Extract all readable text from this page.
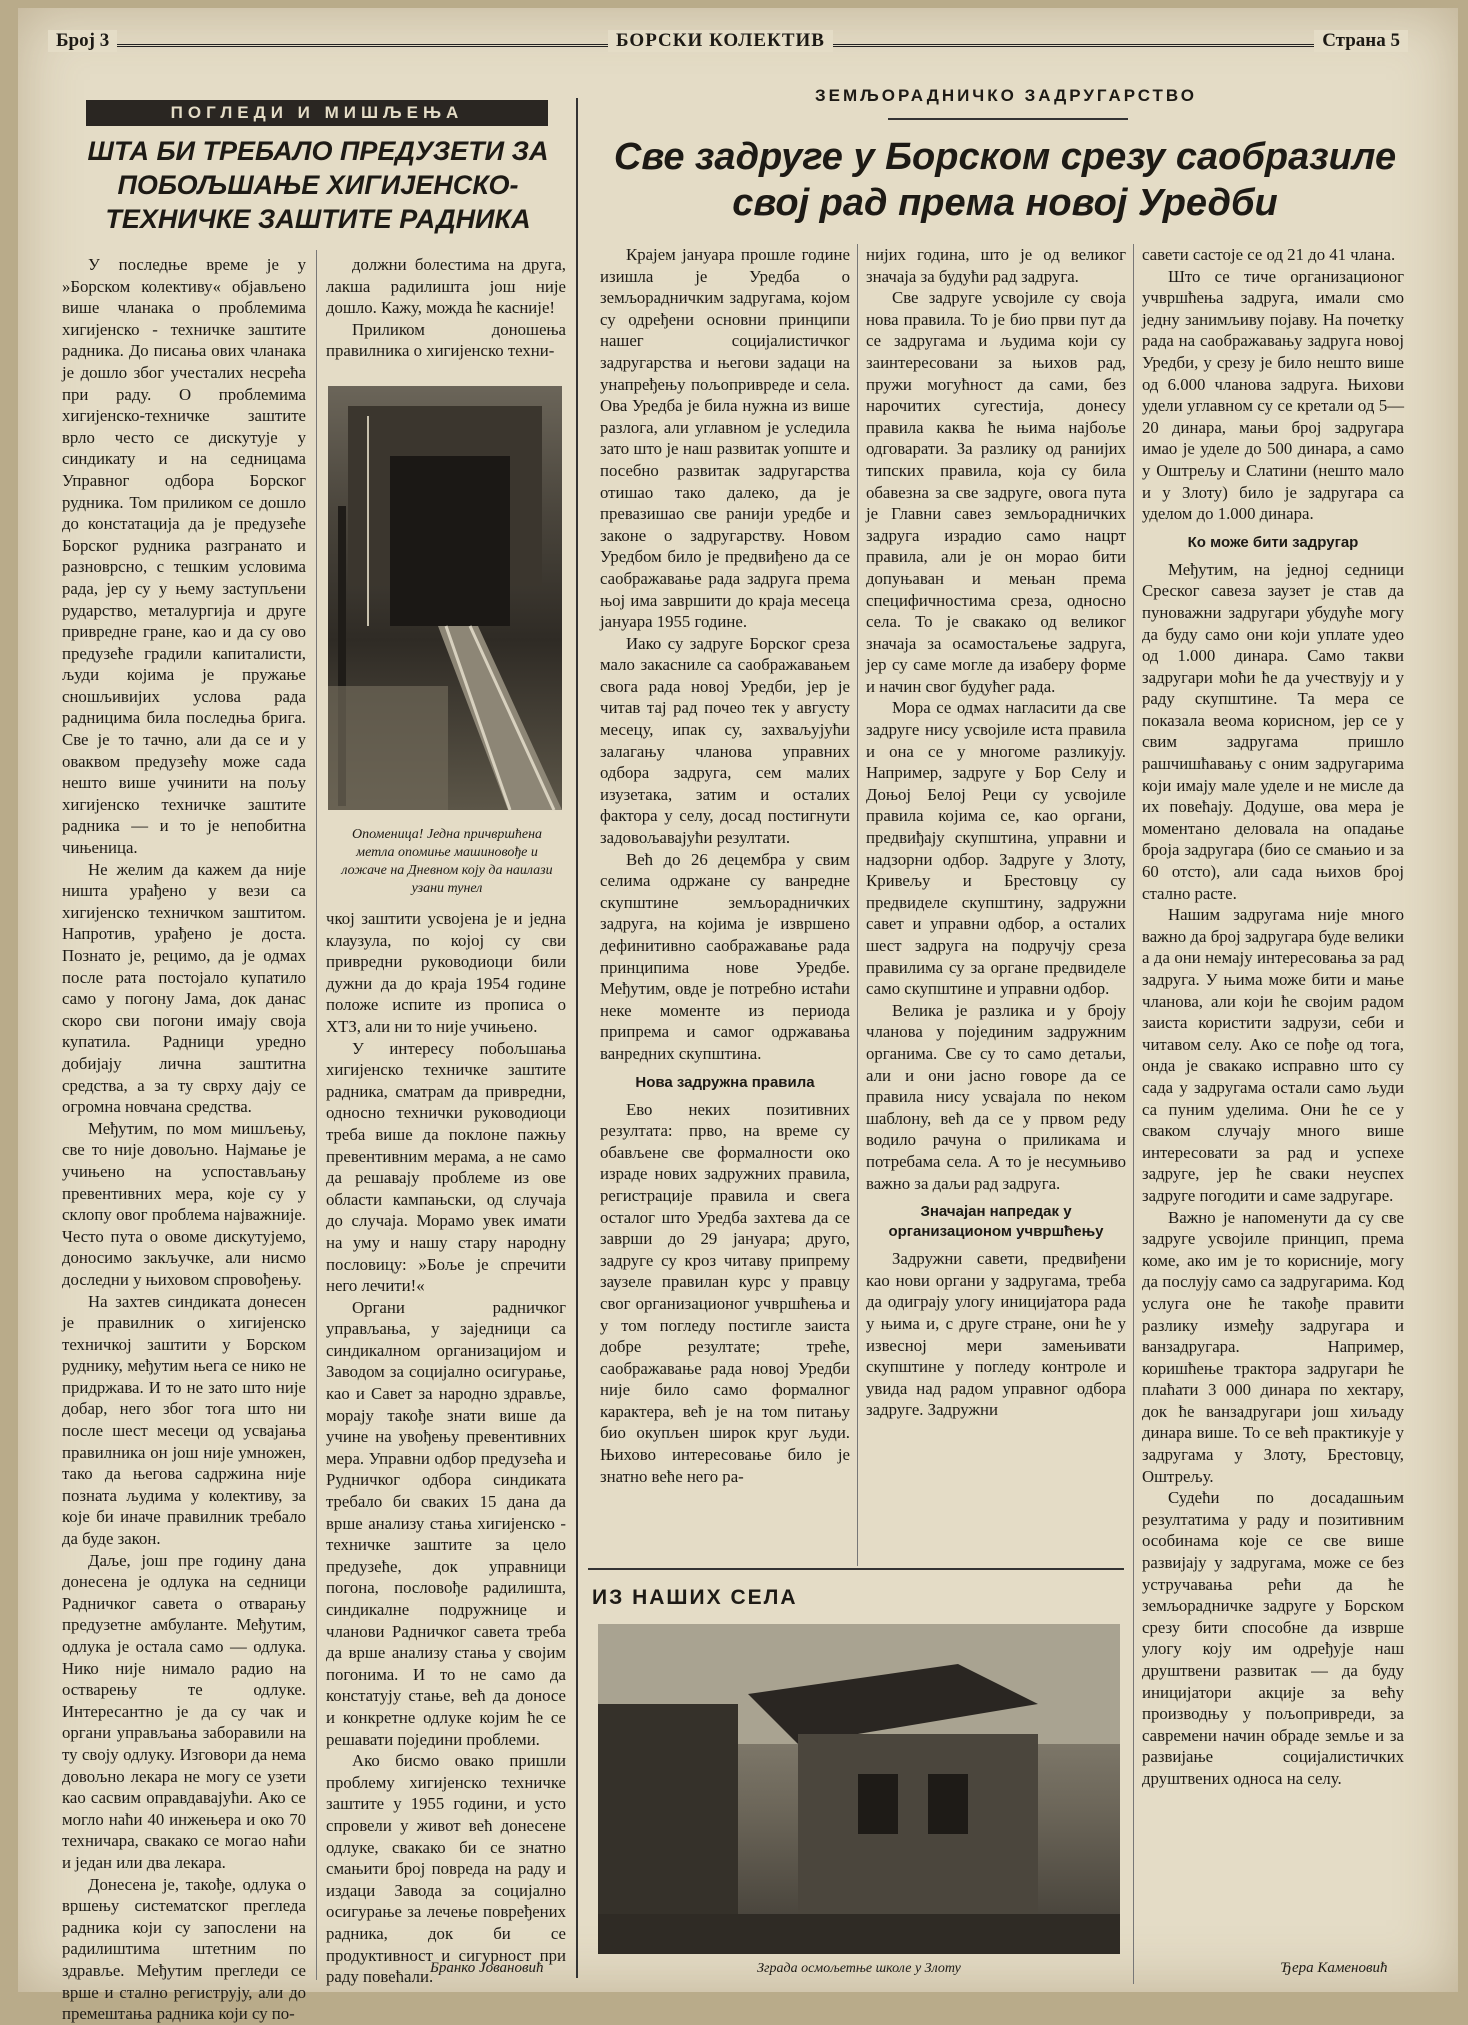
Број 3	БОРСКИ КОЛЕКТИВ	Страна 5
ПОГЛЕДИ И МИШЉЕЊА
ШТА БИ ТРЕБАЛО ПРЕДУЗЕТИ ЗА ПОБОЉШАЊЕ ХИГИЈЕНСКО-ТЕХНИЧКЕ ЗАШТИТЕ РАДНИКА

У последње време је у »Борском колективу« објављено више чланака о проблемима хигијенско - техничке заштите радника. До писања ових чланака је дошло због учесталих несрећа при раду. О проблемима хигијенско-техничке заштите врло често се дискутује у синдикату и на седницама Управног одбора Борског рудника. Том приликом се дошло до констатација да је предузеће Борског рудника разгранато и разноврсно, с тешким условима рада, јер су у њему заступљени рударство, металургија и друге привредне гране, као и да су ово предузеће градили капиталисти, људи којима је пружање сношљивијих услова рада радницима била последња брига. Све је то тачно, али да се и у оваквом предузећу може сада нешто више учинити на пољу хигијенско техничке заштите радника — и то је непобитна чињеница.

Не желим да кажем да није ништа урађено у вези са хигијенско техничком заштитом. Напротив, урађено је доста. Познато је, рецимо, да је одмах после рата постојало купатило само у погону Јама, док данас скоро сви погони имају своја купатила. Радници уредно добијају лична заштитна средства, а за ту сврху дају се огромна новчана средства.

Међутим, по мом мишљењу, све то није довољно. Најмање је учињено на успостављању превентивних мера, које су у склопу овог проблема најважније. Често пута о овоме дискутујемо, доносимо закључке, али нисмо доследни у њиховом спровођењу.

На захтев синдиката донесен је правилник о хигијенско техничкој заштити у Борском руднику, међутим њега се нико не придржава. И то не зато што није добар, него због тога што ни после шест месеци од усвајања правилника он још није умножен, тако да његова садржина није позната људима у колективу, за које би иначе правилник требало да буде закон.

Даље, још пре годину дана донесена је одлука на седници Радничког савета о отварању предузетне амбуланте. Међутим, одлука је остала само — одлука. Нико није нимало радио на остварењу те одлуке. Интересантно је да су чак и органи управљања заборавили на ту своју одлуку. Изговори да нема довољно лекара не могу се узети као сасвим оправдавајући. Ако се могло наћи 40 инжењера и око 70 техничара, свакако се могао наћи и један или два лекара.

Донесена је, такође, одлука о вршењу систематског прегледа радника који су запослени на радилиштима штетним по здравље. Међутим прегледи се врше и стално региструју, али до премештања радника који су по-

должни болестима на друга, лакша радилишта још није дошло. Кажу, можда ће касније!

Приликом доношења правилника о хигијенско техни-

Опоменица! Једна причвршћена метла опомиње машиновође и ложаче на Дневном коју да наилази узани тунел

чкој заштити усвојена је и једна клаузула, по којој су сви привредни руководиоци били дужни да до краја 1954 године положе испите из прописа о ХТЗ, али ни то није учињено.

У интересу побољшања хигијенско техничке заштите радника, сматрам да привредни, односно технички руководиоци треба више да поклоне пажњу превентивним мерама, а не само да решавају проблеме из ове области кампањски, од случаја до случаја. Морамо увек имати на уму и нашу стару народну пословицу: »Боље је спречити него лечити!«

Органи радничког управљања, у заједници са синдикалном организацијом и Заводом за социјално осигурање, као и Савет за народно здравље, морају такође знати више да учине на увођењу превентивних мера. Управни одбор предузећа и Рудничког одбора синдиката требало би сваких 15 дана да врше анализу стања хигијенско - техничке заштите за цело предузеће, док управници погона, пословође радилишта, синдикалне подружнице и чланови Радничког савета треба да врше анализу стања у својим погонима. И то не само да констатују стање, већ да доносе и конкретне одлуке којим ће се решавати поједини проблеми.

Ако бисмо овако пришли проблему хигијенско техничке заштите у 1955 години, и усто спровели у живот већ донесене одлуке, свакако би се знатно смањити број повреда на раду и издаци Завода за социјално осигурање за лечење повређених радника, док би се продуктивност и сигурност при раду повећали.

Бранко Јовановић
ЗЕМЉОРАДНИЧКО ЗАДРУГАРСТВО
Све задруге у Борском срезу саобразиле свој рад према новој Уредби

Крајем јануара прошле године изишла је Уредба о земљорадничким задругама, којом су одређени основни принципи нашег социјалистичког задругарства и његови задаци на унапређењу пољопривреде и села. Ова Уредба је била нужна из више разлога, али углавном је уследила зато што је наш развитак уопште и посебно развитак задругарства отишао тако далеко, да је превазишао све ранији уредбе и законе о задругарству. Новом Уредбом било је предвиђено да се саображавање рада задруга према њој има завршити до краја месеца јануара 1955 године.

Иако су задруге Борског среза мало закасниле са саображавањем свога рада новој Уредби, јер је читав тај рад почео тек у августу месецу, ипак су, захваљујући залагању чланова управних одбора задруга, сем малих изузетака, затим и осталих фактора у селу, досад постигнути задовољавајући резултати.

Већ до 26 децембра у свим селима одржане су ванредне скупштине земљорадничких задруга, на којима је извршено дефинитивно саображавање рада принципима нове Уредбе. Међутим, овде је потребно истаћи неке моменте из периода припрема и самог одржавања ванредних скупштина.

Нова задружна правила

Ево неких позитивних резултата: прво, на време су обављене све формалности око израде нових задружних правила, регистрације правила и свега осталог што Уредба захтева да се заврши до 29 јануара; друго, задруге су кроз читаву припрему заузеле правилан курс у правцу свог организационог учвршћења и у том погледу постигле заиста добре резултате; треће, саображавање рада новој Уредби није било само формалног карактера, већ је на том питању био окупљен широк круг људи. Њихово интересовање било је знатно веће него ра-

нијих година, што је од великог значаја за будући рад задруга.

Све задруге усвојиле су своја нова правила. То је био први пут да се задругама и људима који су заинтересовани за њихов рад, пружи могућност да сами, без нарочитих сугестија, донесу правила каква ће њима најбоље одговарати. За разлику од ранијих типских правила, која су била обавезна за све задруге, овога пута је Главни савез земљорадничких задруга израдио само нацрт правила, али је он морао бити допуњаван и мењан према специфичностима среза, односно села. То је свакако од великог значаја за осамостаљење задруга, јер су саме могле да изаберу форме и начин свог будућег рада.

Мора се одмах нагласити да све задруге нису усвојиле иста правила и она се у многоме разликују. Например, задруге у Бор Селу и Доњој Белој Реци су усвојиле правила којима се, као органи, предвиђају скупштина, управни и надзорни одбор. Задруге у Злоту, Кривељу и Брестовцу су предвиделе скупштину, задружни савет и управни одбор, а осталих шест задруга на подручју среза правилима су за органе предвиделе само скупштине и управни одбор.

Велика је разлика и у броју чланова у појединим задружним органима. Све су то само детаљи, али и они јасно говоре да се правила нису усвајала по неком шаблону, већ да се у првом реду водило рачуна о приликама и потребама села. А то је несумњиво важно за даљи рад задруга.

Значајан напредак у организационом учвршћењу

Задружни савети, предвиђени као нови органи у задругама, треба да одиграју улогу иницијатора рада у њима и, с друге стране, они ће у извесној мери замењивати скупштине у погледу контроле и увида над радом управног одбора задруге. Задружни

савети састоје се од 21 до 41 члана.

Што се тиче организационог учвршћења задруга, имали смо једну занимљиву појаву. На почетку рада на саображавању задруга новој Уредби, у срезу је било нешто више од 6.000 чланова задруга. Њихови удели углавном су се кретали од 5—20 динара, мањи број задругара имао је уделе до 500 динара, а само у Оштрељу и Слатини (нешто мало и у Злоту) било је задругара са уделом до 1.000 динара.

Ко може бити задругар

Међутим, на једној седници Среског савеза заузет је став да пуноважни задругари убудуће могу да буду само они који уплате удео од 1.000 динара. Само такви задругари моћи ће да учествују и у раду скупштине. Та мера се показала веома корисном, јер се у свим задругама пришло рашчишћавању с оним задругарима који имају мале уделе и не мисле да их повећају. Додуше, ова мера је моментано деловала на опадање броја задругара (био се смањио и за 60 отсто), али сада њихов број стално расте.

Нашим задругама није много важно да број задругара буде велики а да они немају интересовања за рад задруга. У њима може бити и мање чланова, али који ће својим радом заиста користити задрузи, себи и читавом селу. Ако се пође од тога, онда је свакако исправно што су сада у задругама остали само људи са пуним уделима. Они ће се у сваком случају много више интересовати за рад и успехе задруге, јер ће сваки неуспех задруге погодити и саме задругаре.

Важно је напоменути да су све задруге усвојиле принцип, према коме, ако им је то корисније, могу да послују само са задругарима. Код услуга оне ће такође правити разлику између задругара и ванзадругара. Например, коришћење трактора задругари ће плаћати 3 000 динара по хектару, док ће ванзадругари још хиљаду динара више. То се већ практикује у задругама у Злоту, Брестовцу, Оштрељу.

Судећи по досадашњим резултатима у раду и позитивним особинама које се све више развијају у задругама, може се без устручавања рећи да ће земљорадничке задруге у Борском срезу бити способне да изврше улогу коју им одређује наш друштвени развитак — да буду иницијатори акције за већу производњу у пољопривреди, за савремени начин обраде земље и за развијање социјалистичких друштвених односа на селу.

Ђера Каменовић
ИЗ НАШИХ СЕЛА
Зграда осмољетње школе у Злоту
